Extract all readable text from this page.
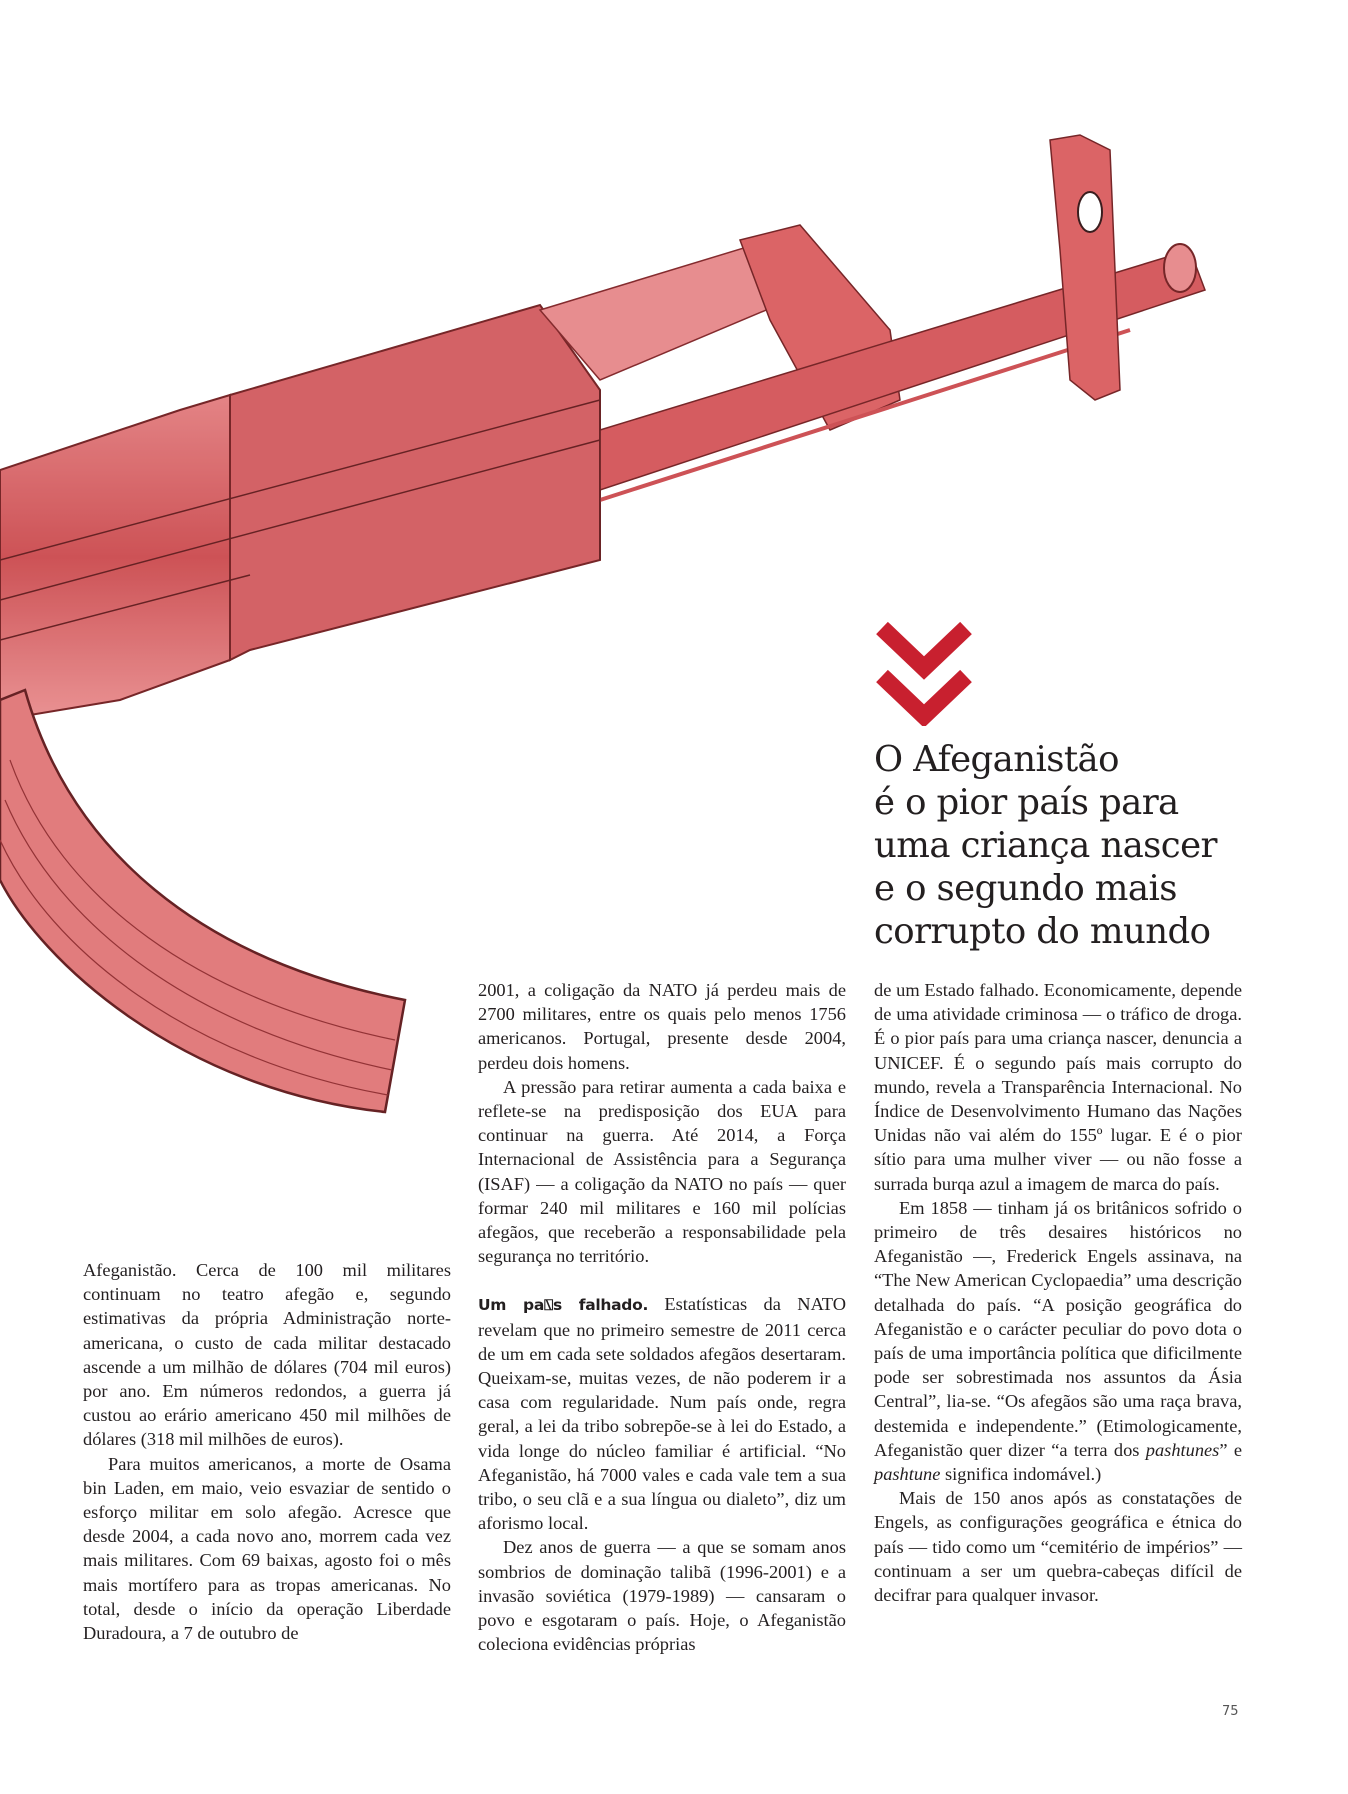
O Afeganistão
é o pior país para
uma criança nascer
e o segundo mais
corrupto do mundo

Afeganistão. Cerca de 100 mil militares continuam no teatro afegão e, segundo estimativas da própria Administração norte-americana, o custo de cada militar destacado ascende a um milhão de dólares (704 mil euros) por ano. Em números redondos, a guerra já custou ao erário americano 450 mil milhões de dólares (318 mil milhões de euros).

Para muitos americanos, a morte de Osama bin Laden, em maio, veio esvaziar de sentido o esforço militar em solo afegão. Acresce que desde 2004, a cada novo ano, morrem cada vez mais militares. Com 69 baixas, agosto foi o mês mais mortífero para as tropas americanas. No total, desde o início da operação Liberdade Duradoura, a 7 de outubro de

2001, a coligação da NATO já perdeu mais de 2700 militares, entre os quais pelo menos 1756 americanos. Portugal, presente desde 2004, perdeu dois homens.

A pressão para retirar aumenta a cada baixa e reflete-se na predisposição dos EUA para continuar na guerra. Até 2014, a Força Internacional de Assistência para a Segurança (ISAF) — a coligação da NATO no país — quer formar 240 mil militares e 160 mil polícias afegãos, que receberão a responsabilidade pela segurança no território.

Um pa⍂s falhado. Estatísticas da NATO revelam que no primeiro semestre de 2011 cerca de um em cada sete soldados afegãos desertaram. Queixam-se, muitas vezes, de não poderem ir a casa com regularidade. Num país onde, regra geral, a lei da tribo sobrepõe-se à lei do Estado, a vida longe do núcleo familiar é artificial. “No Afeganistão, há 7000 vales e cada vale tem a sua tribo, o seu clã e a sua língua ou dialeto”, diz um aforismo local.

Dez anos de guerra — a que se somam anos sombrios de dominação talibã (1996-2001) e a invasão soviética (1979-1989) — cansaram o povo e esgotaram o país. Hoje, o Afeganistão coleciona evidências próprias

de um Estado falhado. Economicamente, depende de uma atividade criminosa — o tráfico de droga. É o pior país para uma criança nascer, denuncia a UNICEF. É o segundo país mais corrupto do mundo, revela a Transparência Internacional. No Índice de Desenvolvimento Humano das Nações Unidas não vai além do 155º lugar. E é o pior sítio para uma mulher viver — ou não fosse a surrada burqa azul a imagem de marca do país.

Em 1858 — tinham já os britânicos sofrido o primeiro de três desaires históricos no Afeganistão —, Frederick Engels assinava, na “The New American Cyclopaedia” uma descrição detalhada do país. “A posição geográfica do Afeganistão e o carácter peculiar do povo dota o país de uma importância política que dificilmente pode ser sobrestimada nos assuntos da Ásia Central”, lia-se. “Os afegãos são uma raça brava, destemida e independente.” (Etimologicamente, Afeganistão quer dizer “a terra dos pashtunes” e pashtune significa indomável.)

Mais de 150 anos após as constatações de Engels, as configurações geográfica e étnica do país — tido como um “cemitério de impérios” — continuam a ser um quebra-cabeças difícil de decifrar para qualquer invasor.

75
